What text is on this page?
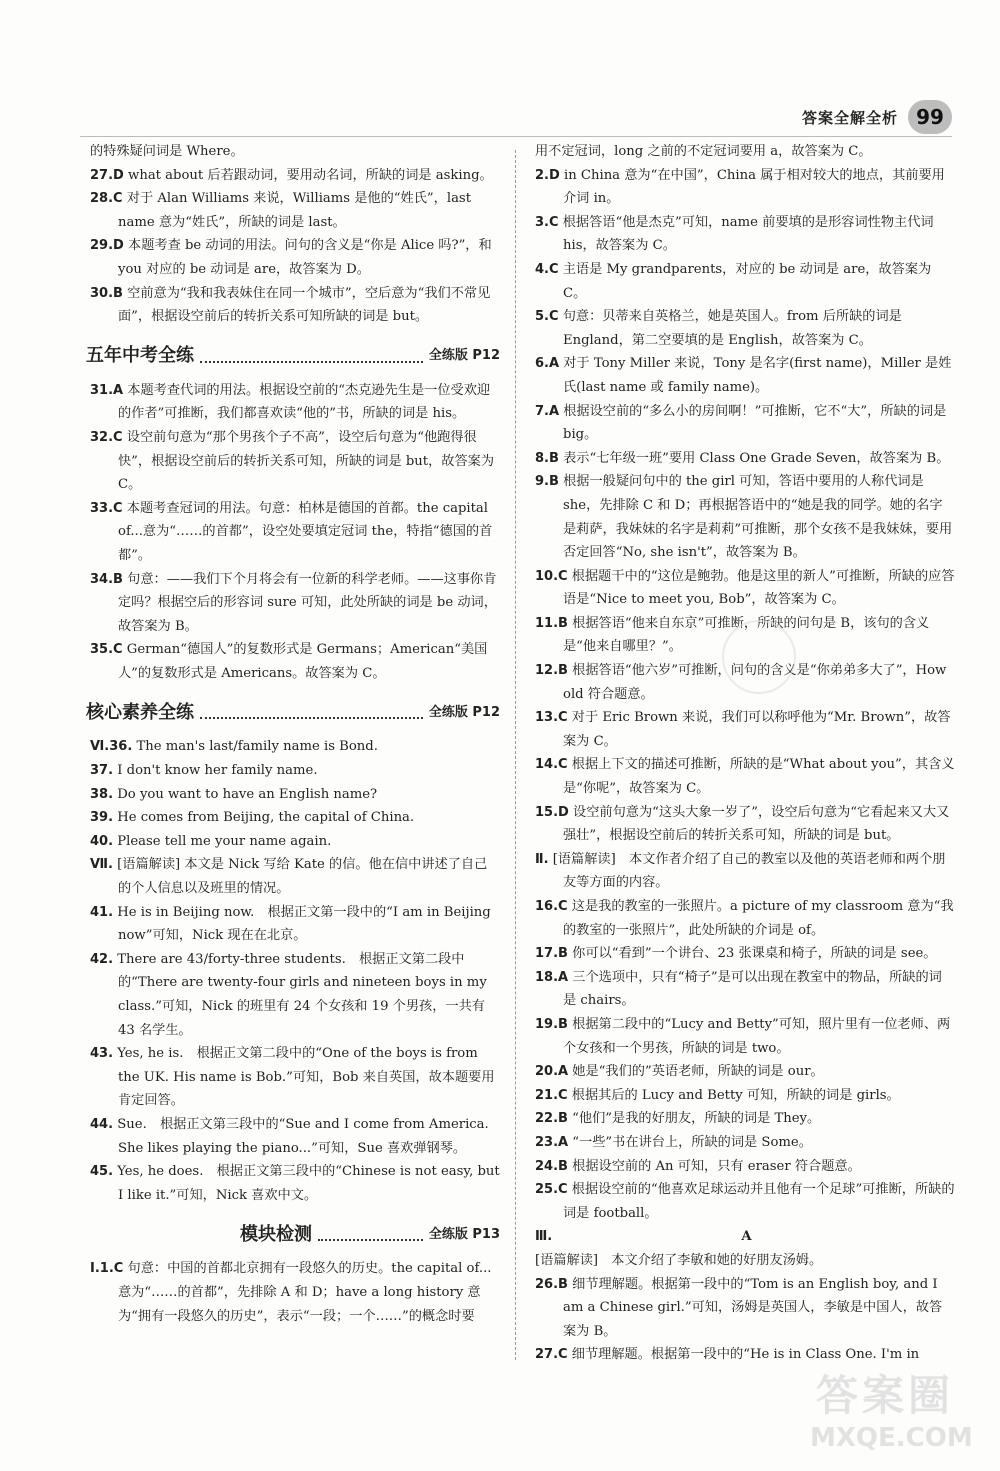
答案全解全析 99

的特殊疑问词是 Where。

27.D what about 后若跟动词，要用动名词，所缺的词是 asking。

28.C 对于 Alan Williams 来说，Williams 是他的“姓氏”，last name 意为“姓氏”，所缺的词是 last。

29.D 本题考查 be 动词的用法。问句的含义是“你是 Alice 吗?”，和 you 对应的 be 动词是 are，故答案为 D。

30.B 空前意为“我和我表妹住在同一个城市”，空后意为“我们不常见面”，根据设空前后的转折关系可知所缺的词是 but。

五年中考全练	全练版 P12

31.A 本题考查代词的用法。根据设空前的“杰克逊先生是一位受欢迎的作者”可推断，我们都喜欢读“他的”书，所缺的词是 his。

32.C 设空前句意为“那个男孩个子不高”，设空后句意为“他跑得很快”，根据设空前后的转折关系可知，所缺的词是 but，故答案为 C。

33.C 本题考查冠词的用法。句意：柏林是德国的首都。the capital of...意为“……的首都”，设空处要填定冠词 the，特指“德国的首都”。

34.B 句意：——我们下个月将会有一位新的科学老师。——这事你肯定吗？根据空后的形容词 sure 可知，此处所缺的词是 be 动词，故答案为 B。

35.C German“德国人”的复数形式是 Germans；American“美国人”的复数形式是 Americans。故答案为 C。

核心素养全练	全练版 P12

Ⅵ.36. The man's last/family name is Bond.

37. I don't know her family name.

38. Do you want to have an English name?

39. He comes from Beijing, the capital of China.

40. Please tell me your name again.

Ⅶ. [语篇解读] 本文是 Nick 写给 Kate 的信。他在信中讲述了自己的个人信息以及班里的情况。

41. He is in Beijing now.　根据正文第一段中的“I am in Beijing now”可知，Nick 现在在北京。

42. There are 43/forty-three students.　根据正文第二段中的“There are twenty-four girls and nineteen boys in my class.”可知，Nick 的班里有 24 个女孩和 19 个男孩，一共有 43 名学生。

43. Yes, he is.　根据正文第二段中的“One of the boys is from the UK. His name is Bob.”可知，Bob 来自英国，故本题要用肯定回答。

44. Sue.　根据正文第三段中的“Sue and I come from America. She likes playing the piano...”可知，Sue 喜欢弹钢琴。

45. Yes, he does.　根据正文第三段中的“Chinese is not easy, but I like it.”可知，Nick 喜欢中文。

模块检测	全练版 P13

Ⅰ.1.C 句意：中国的首都北京拥有一段悠久的历史。the capital of...意为“……的首都”，先排除 A 和 D；have a long history 意为“拥有一段悠久的历史”，表示“一段；一个……”的概念时要

用不定冠词，long 之前的不定冠词要用 a，故答案为 C。

2.D in China 意为“在中国”，China 属于相对较大的地点，其前要用介词 in。

3.C 根据答语“他是杰克”可知，name 前要填的是形容词性物主代词 his，故答案为 C。

4.C 主语是 My grandparents，对应的 be 动词是 are，故答案为 C。

5.C 句意：贝蒂来自英格兰，她是英国人。from 后所缺的词是 England，第二空要填的是 English，故答案为 C。

6.A 对于 Tony Miller 来说，Tony 是名字(first name)，Miller 是姓氏(last name 或 family name)。

7.A 根据设空前的“多么小的房间啊！”可推断，它不“大”，所缺的词是 big。

8.B 表示“七年级一班”要用 Class One Grade Seven，故答案为 B。

9.B 根据一般疑问句中的 the girl 可知，答语中要用的人称代词是 she，先排除 C 和 D；再根据答语中的“她是我的同学。她的名字是莉萨，我妹妹的名字是莉莉”可推断，那个女孩不是我妹妹，要用否定回答“No, she isn't”，故答案为 B。

10.C 根据题干中的“这位是鲍勃。他是这里的新人”可推断，所缺的应答语是“Nice to meet you, Bob”，故答案为 C。

11.B 根据答语“他来自东京”可推断，所缺的问句是 B，该句的含义是“他来自哪里？”。

12.B 根据答语“他六岁”可推断，问句的含义是“你弟弟多大了”，How old 符合题意。

13.C 对于 Eric Brown 来说，我们可以称呼他为“Mr. Brown”，故答案为 C。

14.C 根据上下文的描述可推断，所缺的是“What about you”，其含义是“你呢”，故答案为 C。

15.D 设空前句意为“这头大象一岁了”，设空后句意为“它看起来又大又强壮”，根据设空前后的转折关系可知，所缺的词是 but。

Ⅱ. [语篇解读]　本文作者介绍了自己的教室以及他的英语老师和两个朋友等方面的内容。

16.C 这是我的教室的一张照片。a picture of my classroom 意为“我的教室的一张照片”，此处所缺的介词是 of。

17.B 你可以“看到”一个讲台、23 张课桌和椅子，所缺的词是 see。

18.A 三个选项中，只有“椅子”是可以出现在教室中的物品，所缺的词是 chairs。

19.B 根据第二段中的“Lucy and Betty”可知，照片里有一位老师、两个女孩和一个男孩，所缺的词是 two。

20.A 她是“我们的”英语老师，所缺的词是 our。

21.C 根据其后的 Lucy and Betty 可知，所缺的词是 girls。

22.B “他们”是我的好朋友，所缺的词是 They。

23.A “一些”书在讲台上，所缺的词是 Some。

24.B 根据设空前的 An 可知，只有 eraser 符合题意。

25.C 根据设空前的“他喜欢足球运动并且他有一个足球”可推断，所缺的词是 football。

Ⅲ.	A

[语篇解读]　本文介绍了李敏和她的好朋友汤姆。

26.B 细节理解题。根据第一段中的“Tom is an English boy, and I am a Chinese girl.”可知，汤姆是英国人，李敏是中国人，故答案为 B。

27.C 细节理解题。根据第一段中的“He is in Class One. I'm in

答案圈
MXQE.COM
